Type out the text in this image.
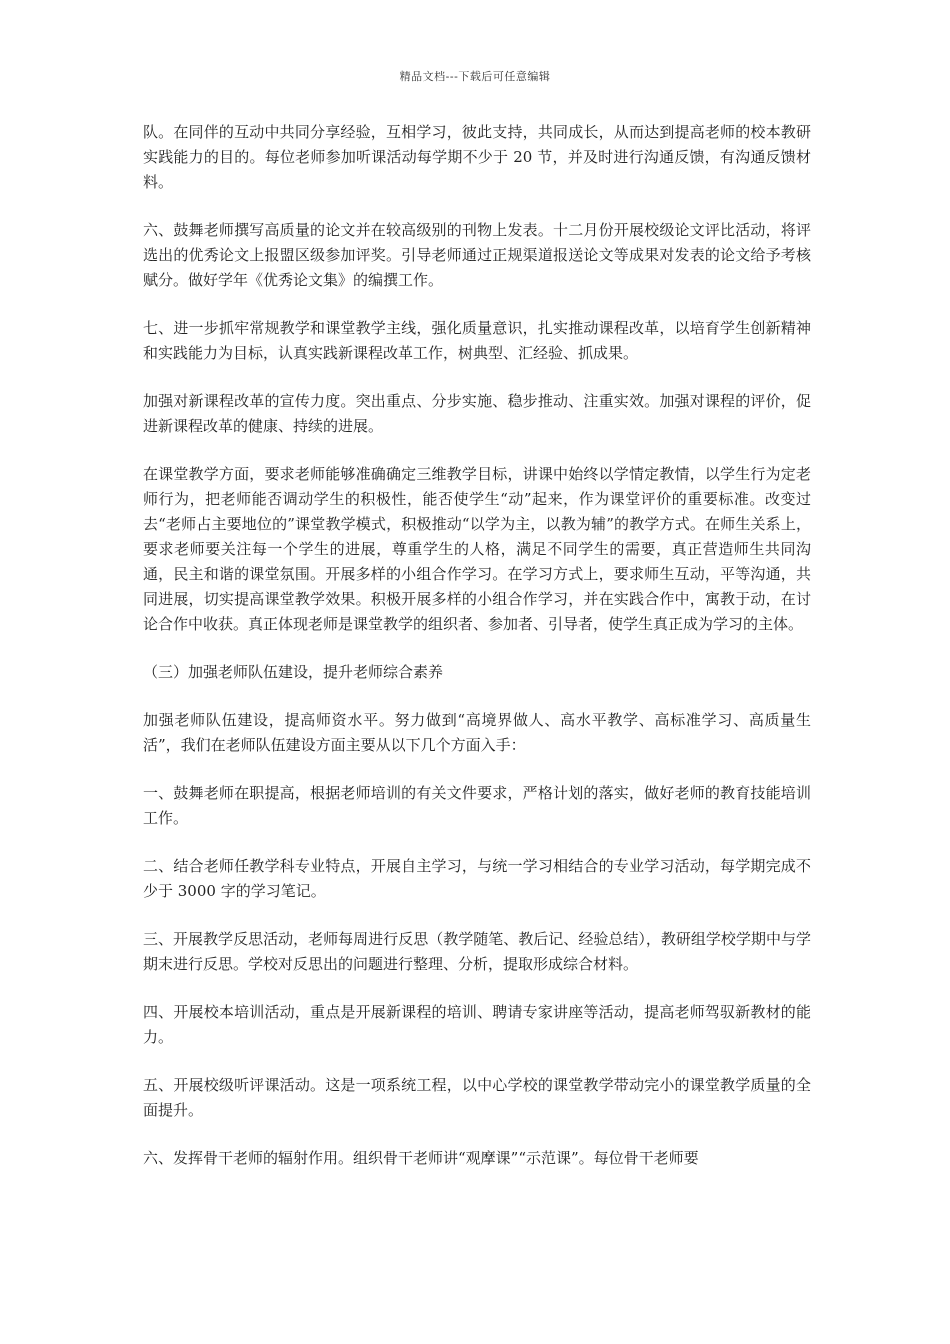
精品文档---下载后可任意编辑

队。在同伴的互动中共同分享经验，互相学习，彼此支持，共同成长，从而达到提高老师的校本教研实践能力的目的。每位老师参加听课活动每学期不少于 20 节，并及时进行沟通反馈，有沟通反馈材料。

六、鼓舞老师撰写高质量的论文并在较高级别的刊物上发表。十二月份开展校级论文评比活动，将评选出的优秀论文上报盟区级参加评奖。引导老师通过正规渠道报送论文等成果对发表的论文给予考核赋分。做好学年《优秀论文集》的编撰工作。

七、进一步抓牢常规教学和课堂教学主线，强化质量意识，扎实推动课程改革，以培育学生创新精神和实践能力为目标，认真实践新课程改革工作，树典型、汇经验、抓成果。

加强对新课程改革的宣传力度。突出重点、分步实施、稳步推动、注重实效。加强对课程的评价，促进新课程改革的健康、持续的进展。

在课堂教学方面，要求老师能够准确确定三维教学目标，讲课中始终以学情定教情，以学生行为定老师行为，把老师能否调动学生的积极性，能否使学生“动”起来，作为课堂评价的重要标准。改变过去“老师占主要地位的”课堂教学模式，积极推动“以学为主，以教为辅”的教学方式。在师生关系上，要求老师要关注每一个学生的进展，尊重学生的人格，满足不同学生的需要，真正营造师生共同沟通，民主和谐的课堂氛围。开展多样的小组合作学习。在学习方式上，要求师生互动，平等沟通，共同进展，切实提高课堂教学效果。积极开展多样的小组合作学习，并在实践合作中，寓教于动，在讨论合作中收获。真正体现老师是课堂教学的组织者、参加者、引导者，使学生真正成为学习的主体。

（三）加强老师队伍建设，提升老师综合素养

加强老师队伍建设，提高师资水平。努力做到“高境界做人、高水平教学、高标准学习、高质量生活”，我们在老师队伍建设方面主要从以下几个方面入手：

一、鼓舞老师在职提高，根据老师培训的有关文件要求，严格计划的落实，做好老师的教育技能培训工作。

二、结合老师任教学科专业特点，开展自主学习，与统一学习相结合的专业学习活动，每学期完成不少于 3000 字的学习笔记。

三、开展教学反思活动，老师每周进行反思（教学随笔、教后记、经验总结），教研组学校学期中与学期末进行反思。学校对反思出的问题进行整理、分析，提取形成综合材料。

四、开展校本培训活动，重点是开展新课程的培训、聘请专家讲座等活动，提高老师驾驭新教材的能力。

五、开展校级听评课活动。这是一项系统工程，以中心学校的课堂教学带动完小的课堂教学质量的全面提升。

六、发挥骨干老师的辐射作用。组织骨干老师讲“观摩课”“示范课”。每位骨干老师要
